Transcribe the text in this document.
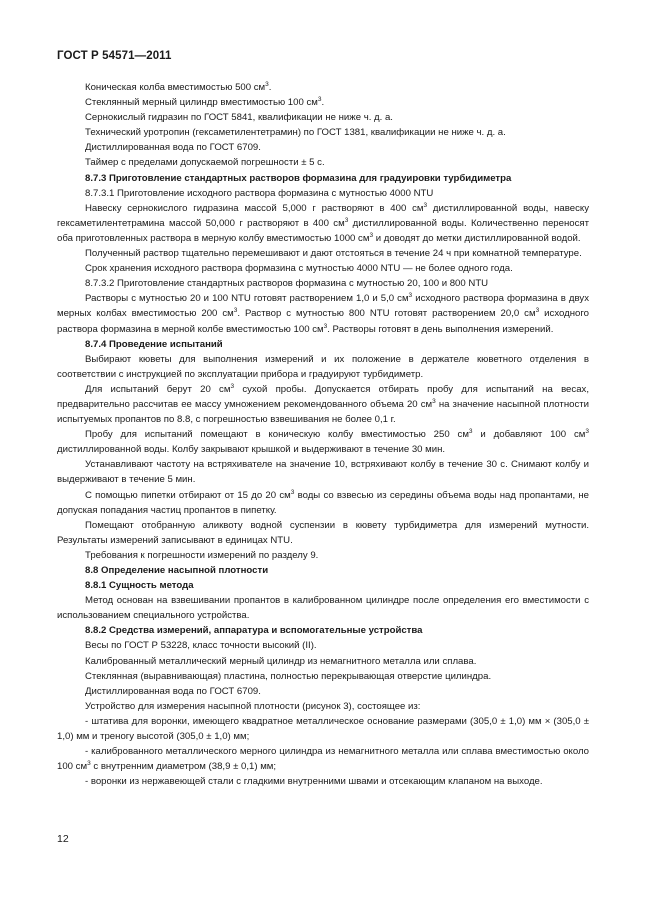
ГОСТ Р 54571—2011

Коническая колба вместимостью 500 $см^3$.

Стеклянный мерный цилиндр вместимостью 100 $см^3$.

Сернокислый гидразин по ГОСТ 5841, квалификации не ниже ч. д. а.

Технический уротропин (гексаметилентетрамин) по ГОСТ 1381, квалификации не ниже ч. д. а.

Дистиллированная вода по ГОСТ 6709.

Таймер с пределами допускаемой погрешности ± 5 с.

8.7.3 Приготовление стандартных растворов формазина для градуировки турбидиметра

8.7.3.1 Приготовление исходного раствора формазина с мутностью 4000 NTU

Навеску сернокислого гидразина массой 5,000 г растворяют в 400 $см^3$ дистиллированной воды, навеску гексаметилентетрамина массой 50,000 г растворяют в 400 $см^3$ дистиллированной воды. Количественно переносят оба приготовленных раствора в мерную колбу вместимостью 1000 $см^3$ и доводят до метки дистиллированной водой.

Полученный раствор тщательно перемешивают и дают отстояться в течение 24 ч при комнатной температуре.

Срок хранения исходного раствора формазина с мутностью 4000 NTU — не более одного года.

8.7.3.2 Приготовление стандартных растворов формазина с мутностью 20, 100 и 800 NTU

Растворы с мутностью 20 и 100 NTU готовят растворением 1,0 и 5,0 $см^3$ исходного раствора формазина в двух мерных колбах вместимостью 200 $см^3$. Раствор с мутностью 800 NTU готовят растворением 20,0 $см^3$ исходного раствора формазина в мерной колбе вместимостью 100 $см^3$. Растворы готовят в день выполнения измерений.

8.7.4 Проведение испытаний

Выбирают кюветы для выполнения измерений и их положение в держателе кюветного отделения в соответствии с инструкцией по эксплуатации прибора и градуируют турбидиметр.

Для испытаний берут 20 $см^3$ сухой пробы. Допускается отбирать пробу для испытаний на весах, предварительно рассчитав ее массу умножением рекомендованного объема 20 $см^3$ на значение насыпной плотности испытуемых пропантов по 8.8, с погрешностью взвешивания не более 0,1 г.

Пробу для испытаний помещают в коническую колбу вместимостью 250 $см^3$ и добавляют 100 $см^3$ дистиллированной воды. Колбу закрывают крышкой и выдерживают в течение 30 мин.

Устанавливают частоту на встряхивателе на значение 10, встряхивают колбу в течение 30 с. Снимают колбу и выдерживают в течение 5 мин.

С помощью пипетки отбирают от 15 до 20 $см^3$ воды со взвесью из середины объема воды над пропантами, не допуская попадания частиц пропантов в пипетку.

Помещают отобранную аликвоту водной суспензии в кювету турбидиметра для измерений мутности. Результаты измерений записывают в единицах NTU.

Требования к погрешности измерений по разделу 9.

8.8 Определение насыпной плотности

8.8.1 Сущность метода

Метод основан на взвешивании пропантов в калиброванном цилиндре после определения его вместимости с использованием специального устройства.

8.8.2 Средства измерений, аппаратура и вспомогательные устройства

Весы по ГОСТ Р 53228, класс точности высокий (II).

Калиброванный металлический мерный цилиндр из немагнитного металла или сплава.

Стеклянная (выравнивающая) пластина, полностью перекрывающая отверстие цилиндра.

Дистиллированная вода по ГОСТ 6709.

Устройство для измерения насыпной плотности (рисунок 3), состоящее из:

- штатива для воронки, имеющего квадратное металлическое основание размерами (305,0 ± 1,0) мм × (305,0 ± 1,0) мм и треногу высотой (305,0 ± 1,0) мм;

- калиброванного металлического мерного цилиндра из немагнитного металла или сплава вместимостью около 100 $см^3$ с внутренним диаметром (38,9 ± 0,1) мм;

- воронки из нержавеющей стали с гладкими внутренними швами и отсекающим клапаном на выходе.

12
